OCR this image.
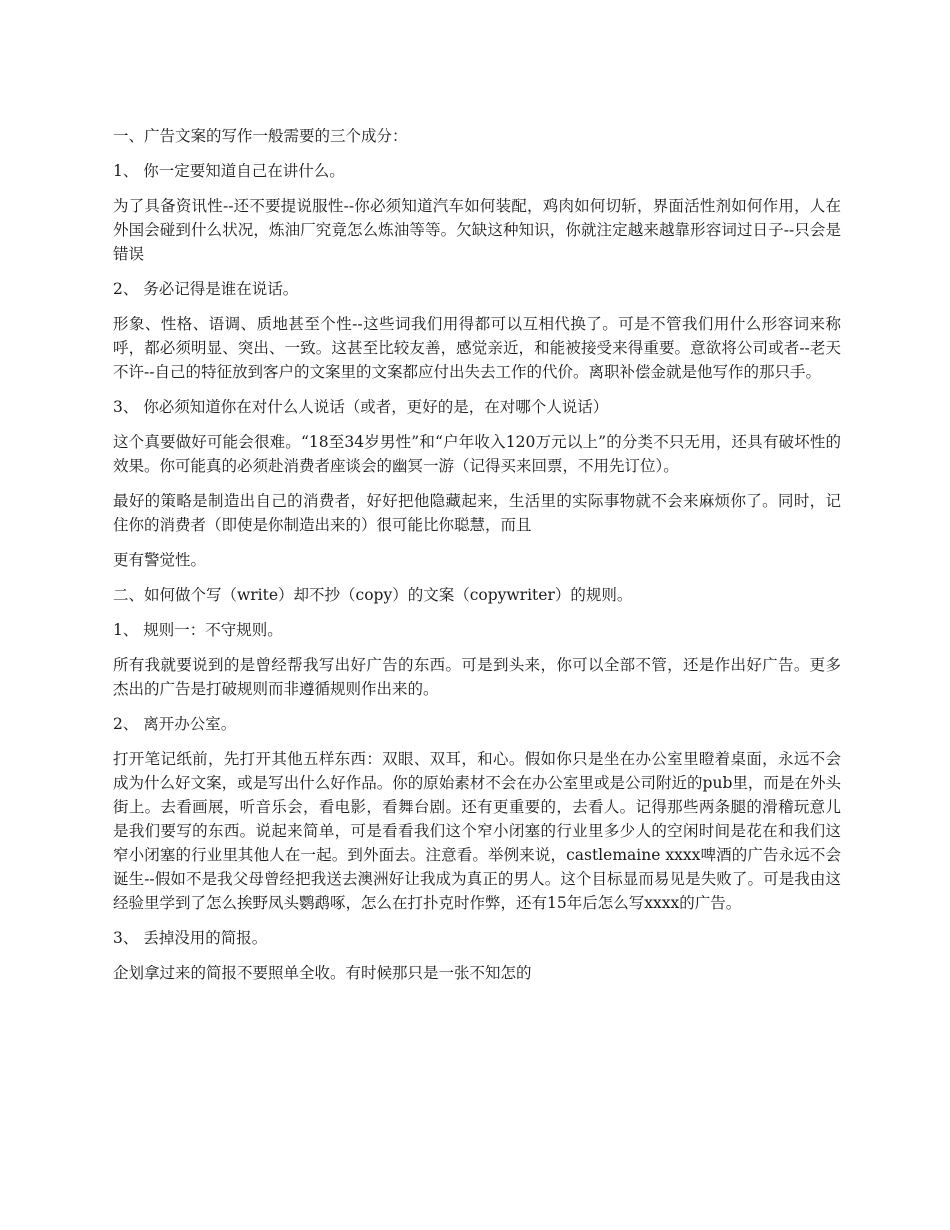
一、广告文案的写作一般需要的三个成分：

1、 你一定要知道自己在讲什么。

为了具备资讯性--还不要提说服性--你必须知道汽车如何装配，鸡肉如何切斩，界面活性剂如何作用，人在外国会碰到什么状况，炼油厂究竟怎么炼油等等。欠缺这种知识，你就注定越来越靠形容词过日子--只会是错误

2、 务必记得是谁在说话。

形象、性格、语调、质地甚至个性--这些词我们用得都可以互相代换了。可是不管我们用什么形容词来称呼，都必须明显、突出、一致。这甚至比较友善，感觉亲近，和能被接受来得重要。意欲将公司或者--老天不许--自己的特征放到客户的文案里的文案都应付出失去工作的代价。离职补偿金就是他写作的那只手。

3、 你必须知道你在对什么人说话（或者，更好的是，在对哪个人说话）

这个真要做好可能会很难。“18至34岁男性”和“户年收入120万元以上”的分类不只无用，还具有破坏性的效果。你可能真的必须赴消费者座谈会的幽冥一游（记得买来回票，不用先订位）。

最好的策略是制造出自己的消费者，好好把他隐藏起来，生活里的实际事物就不会来麻烦你了。同时，记住你的消费者（即使是你制造出来的）很可能比你聪慧，而且

更有警觉性。

二、如何做个写（write）却不抄（copy）的文案（copywriter）的规则。

1、 规则一：不守规则。

所有我就要说到的是曾经帮我写出好广告的东西。可是到头来，你可以全部不管，还是作出好广告。更多杰出的广告是打破规则而非遵循规则作出来的。

2、 离开办公室。

打开笔记纸前，先打开其他五样东西：双眼、双耳，和心。假如你只是坐在办公室里瞪着桌面，永远不会成为什么好文案，或是写出什么好作品。你的原始素材不会在办公室里或是公司附近的pub里，而是在外头街上。去看画展，听音乐会，看电影，看舞台剧。还有更重要的，去看人。记得那些两条腿的滑稽玩意儿是我们要写的东西。说起来简单，可是看看我们这个窄小闭塞的行业里多少人的空闲时间是花在和我们这窄小闭塞的行业里其他人在一起。到外面去。注意看。举例来说，castlemaine xxxx啤酒的广告永远不会诞生--假如不是我父母曾经把我送去澳洲好让我成为真正的男人。这个目标显而易见是失败了。可是我由这经验里学到了怎么挨野凤头鹦鹉啄，怎么在打扑克时作弊，还有15年后怎么写xxxx的广告。

3、 丢掉没用的简报。

企划拿过来的简报不要照单全收。有时候那只是一张不知怎的
